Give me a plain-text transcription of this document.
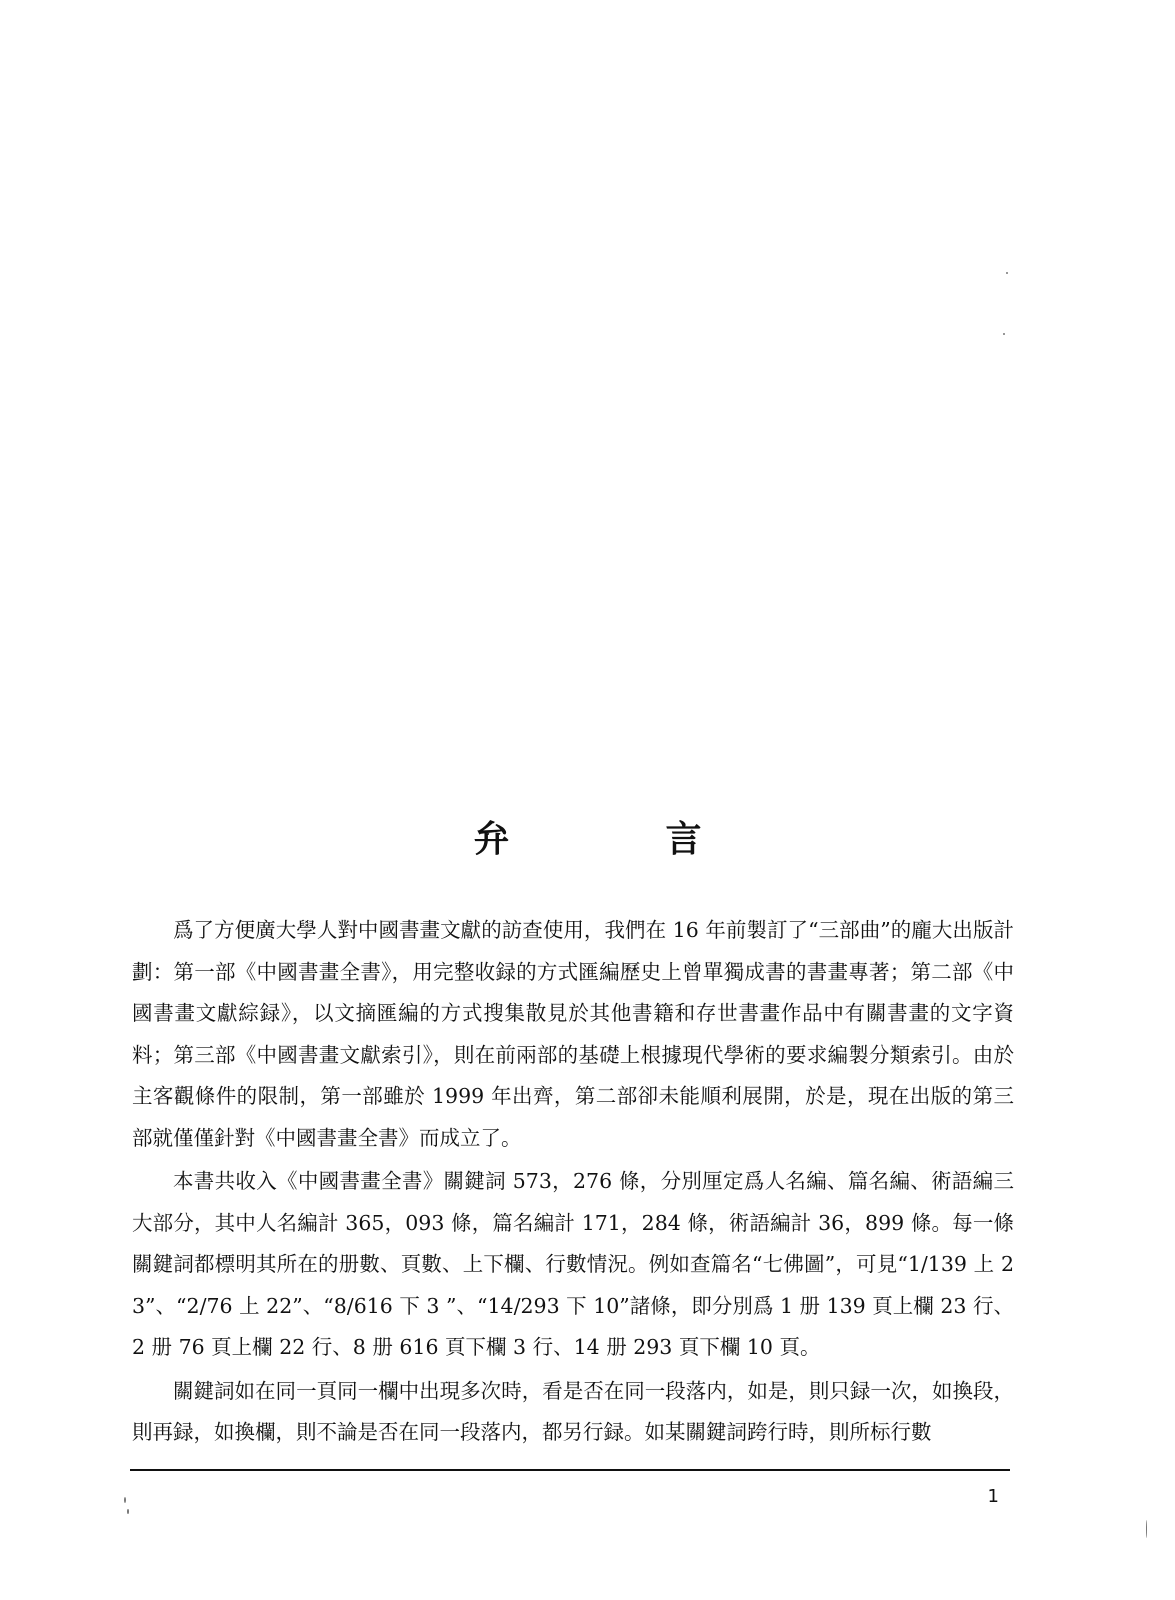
弁　言

爲了方便廣大學人對中國書畫文獻的訪查使用，我們在 16 年前製訂了“三部曲”的龐大出版計劃：第一部《中國書畫全書》，用完整收録的方式匯編歷史上曾單獨成書的書畫專著；第二部《中國書畫文獻綜録》，以文摘匯編的方式搜集散見於其他書籍和存世書畫作品中有關書畫的文字資料；第三部《中國書畫文獻索引》，則在前兩部的基礎上根據現代學術的要求編製分類索引。由於主客觀條件的限制，第一部雖於 1999 年出齊，第二部卻未能順利展開，於是，現在出版的第三部就僅僅針對《中國書畫全書》而成立了。

本書共收入《中國書畫全書》關鍵詞 573，276 條，分別厘定爲人名編、篇名編、術語編三大部分，其中人名編計 365，093 條，篇名編計 171，284 條，術語編計 36，899 條。每一條關鍵詞都標明其所在的册數、頁數、上下欄、行數情況。例如查篇名“七佛圖”，可見“1/139 上 23”、“2/76 上 22”、“8/616 下 3 ”、“14/293 下 10”諸條，即分別爲 1 册 139 頁上欄 23 行、2 册 76 頁上欄 22 行、8 册 616 頁下欄 3 行、14 册 293 頁下欄 10 頁。

關鍵詞如在同一頁同一欄中出現多次時，看是否在同一段落内，如是，則只録一次，如換段，則再録，如換欄，則不論是否在同一段落内，都另行録。如某關鍵詞跨行時，則所标行數

1
